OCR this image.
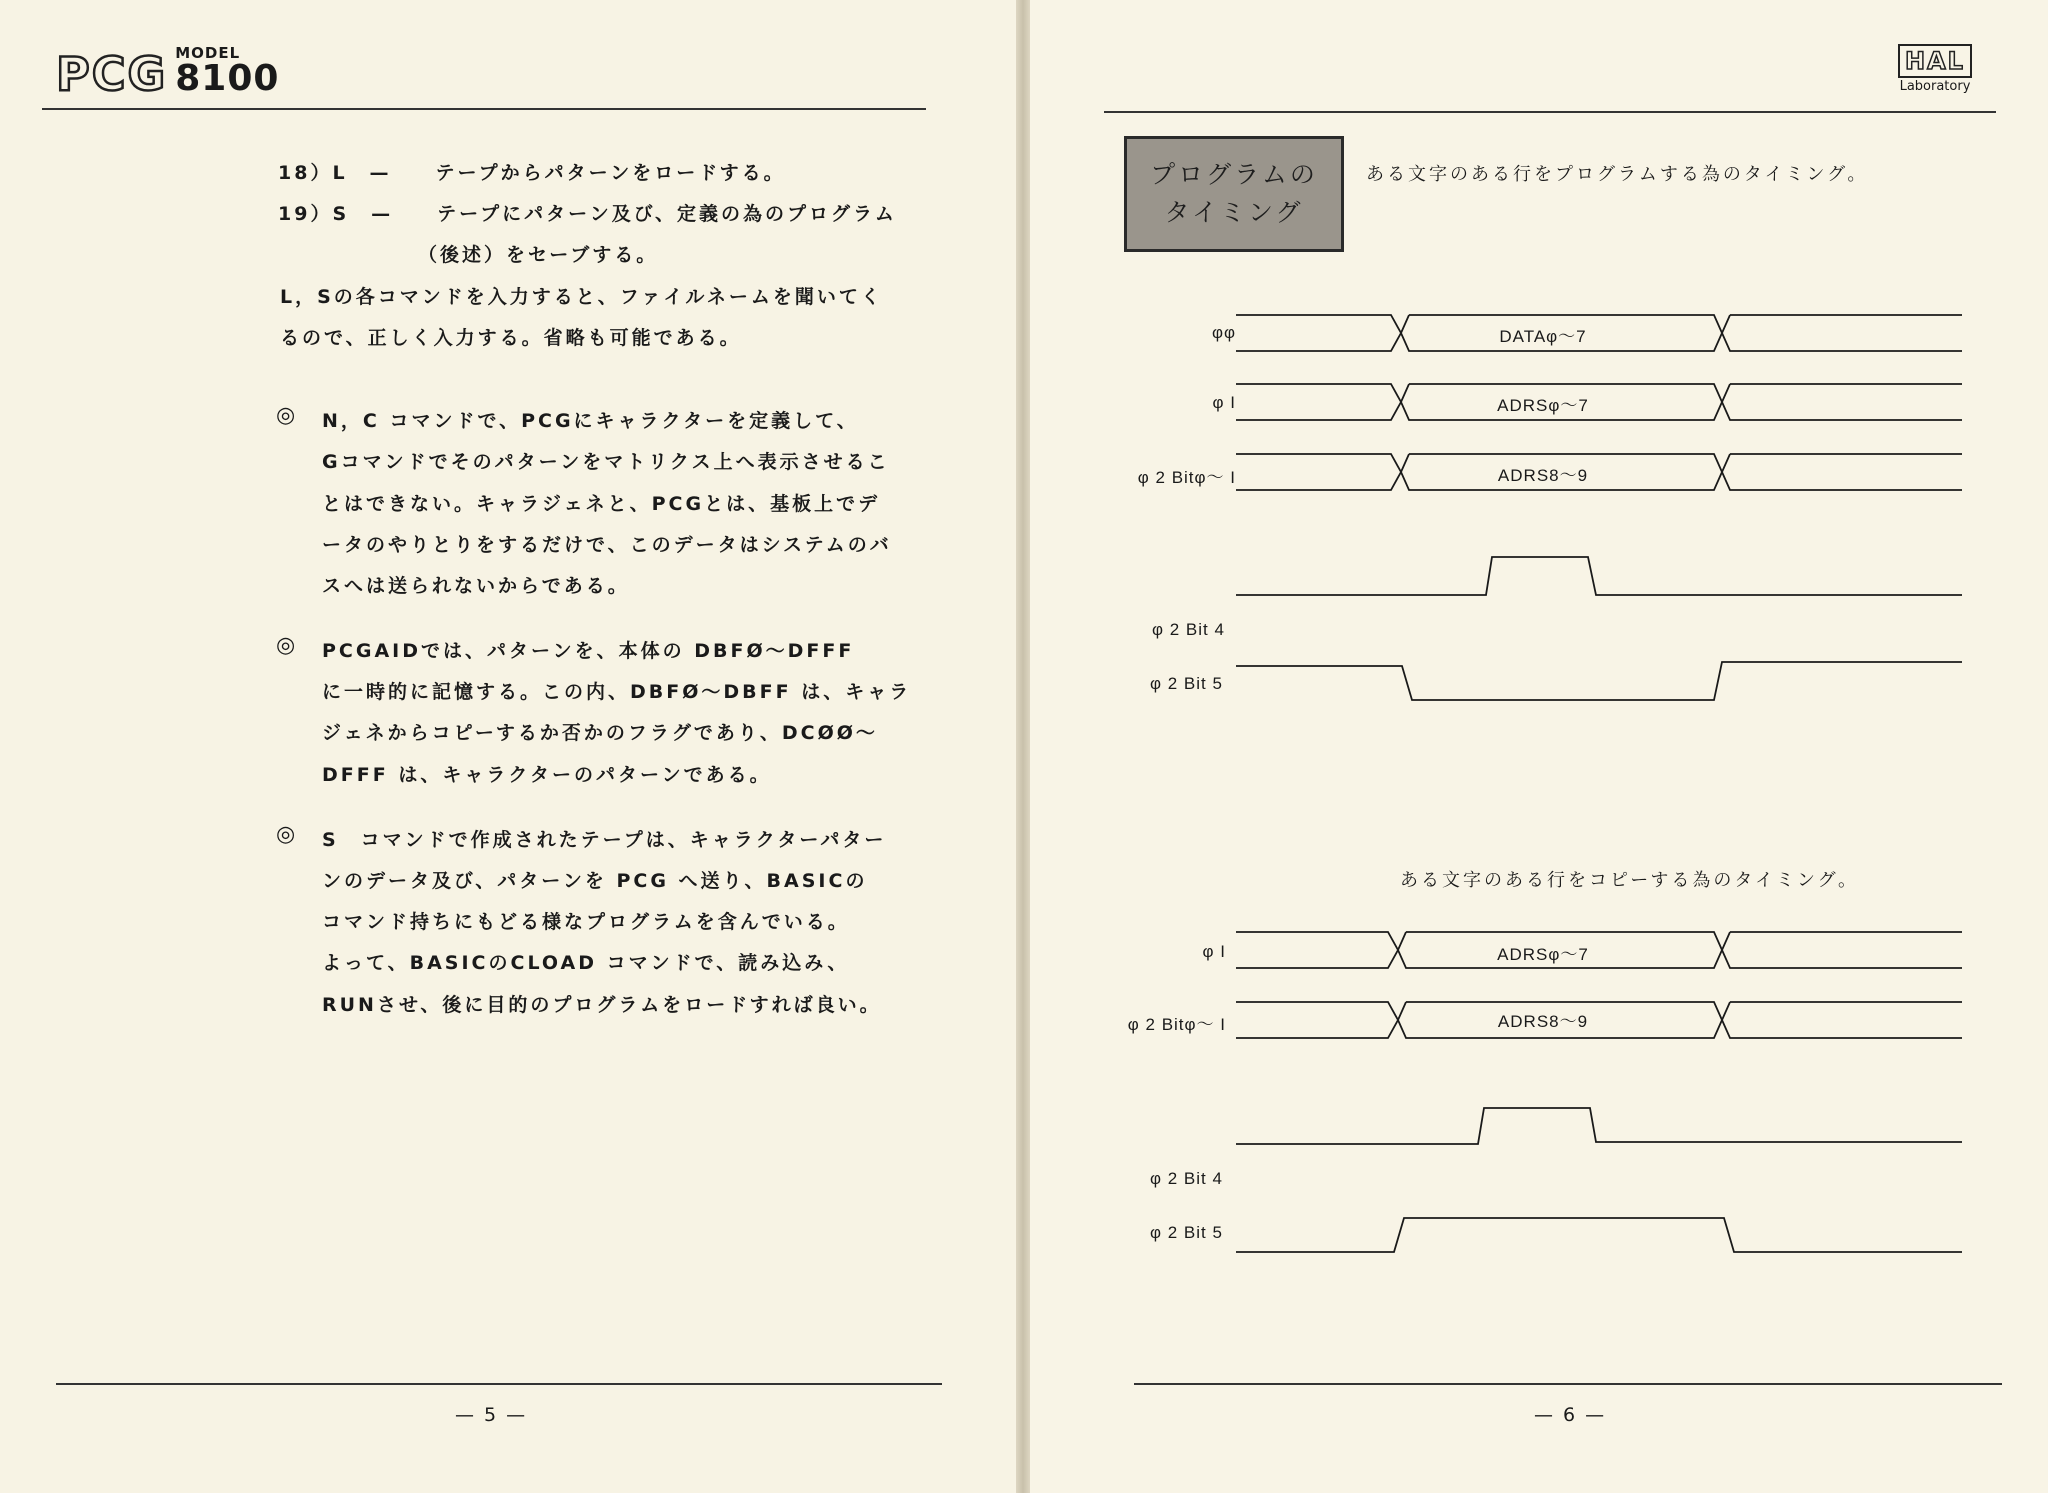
PCG MODEL
8100
18）L　—　　テープからパターンをロードする。
19）S　—　　テープにパターン及び、定義の為のプログラム
（後述）をセーブする。
L，Sの各コマンドを入力すると、ファイルネームを聞いてく
るので、正しく入力する。省略も可能である。
◎ N，C コマンドで、PCGにキャラクターを定義して、
Gコマンドでそのパターンをマトリクス上へ表示させるこ
とはできない。キャラジェネと、PCGとは、基板上でデ
ータのやりとりをするだけで、このデータはシステムのバ
スへは送られないからである。
◎ PCGAIDでは、パターンを、本体の DBFØ〜DFFF
に一時的に記憶する。この内、DBFØ〜DBFF は、キャラ
ジェネからコピーするか否かのフラグであり、DCØØ〜
DFFF は、キャラクターのパターンである。
◎ S　コマンドで作成されたテープは、キャラクターパター
ンのデータ及び、パターンを PCG へ送り、BASICの
コマンド持ちにもどる様なプログラムを含んでいる。
よって、BASICのCLOAD コマンドで、読み込み、
RUNさせ、後に目的のプログラムをロードすれば良い。
— 5 —
HAL
Laboratory
プログラムの
タイミング
ある文字のある行をプログラムする為のタイミング。
ある文字のある行をコピーする為のタイミング。
φφ
φ I
φ 2 Bitφ〜 I
φ 2 Bit 4
φ 2 Bit 5
DATAφ〜7
ADRSφ〜7
ADRS8〜9
φ I
φ 2 Bitφ〜 I
φ 2 Bit 4
φ 2 Bit 5
ADRSφ〜7
ADRS8〜9
— 6 —
